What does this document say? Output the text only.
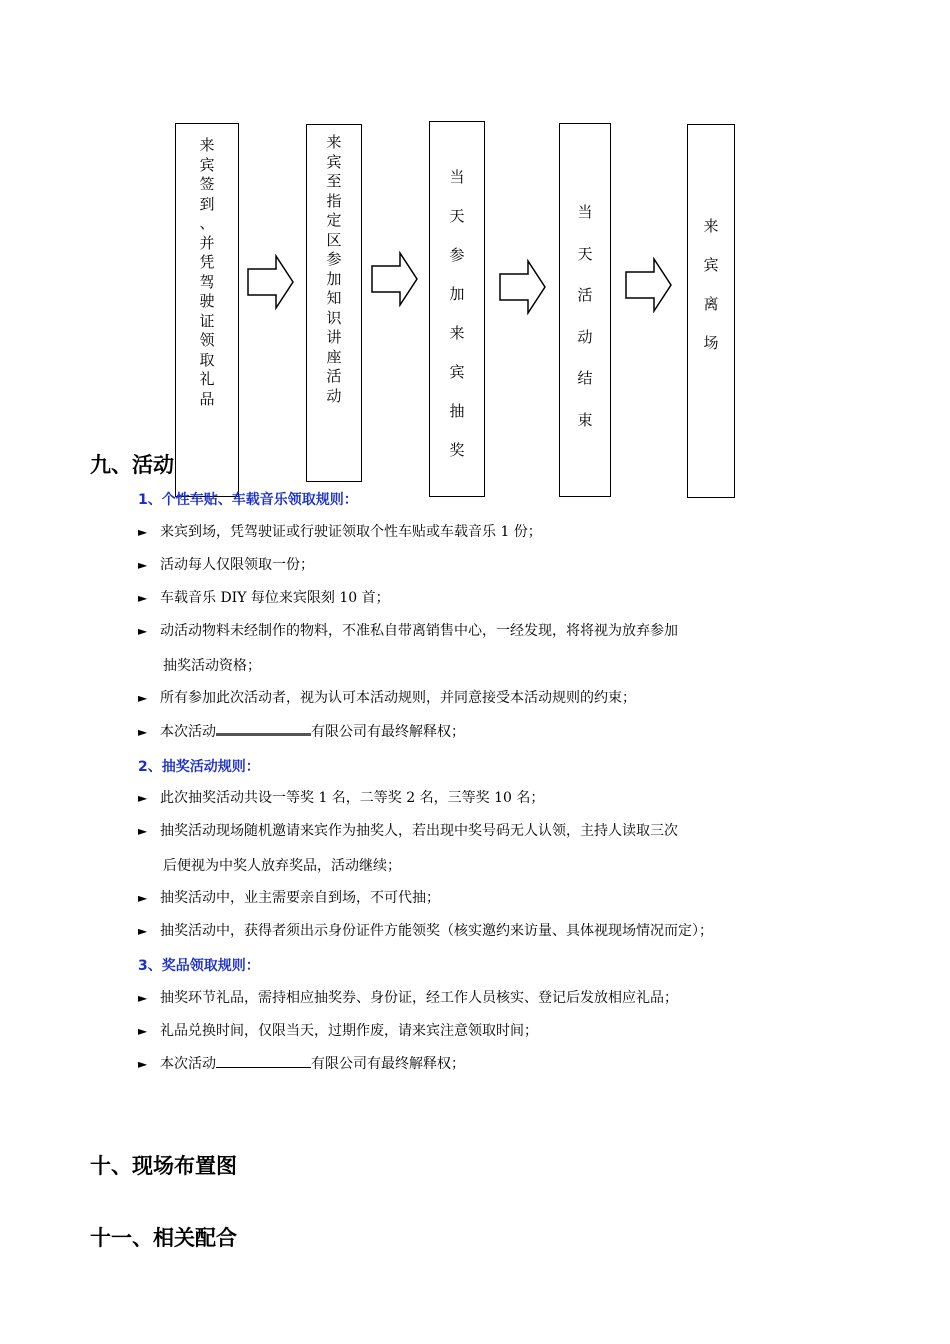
九、活动
来
宾
签
到
、
并
凭
驾
驶
证
领
取
礼
品
来
宾
至
指
定
区
参
加
知
识
讲
座
活
动
当
天
参
加
来
宾
抽
奖
当
天
活
动
结
束
来
宾
离
场
1、个性车贴、车载音乐领取规则：
► 来宾到场，凭驾驶证或行驶证领取个性车贴或车载音乐 1 份；
► 活动每人仅限领取一份；
► 车载音乐 DIY 每位来宾限刻 10 首；
► 动活动物料未经制作的物料，不准私自带离销售中心，一经发现，将将视为放弃参加
抽奖活动资格；
► 所有参加此次活动者，视为认可本活动规则，并同意接受本活动规则的约束；
► 本次活动	有限公司有最终解释权；
2、抽奖活动规则：
► 此次抽奖活动共设一等奖 1 名，二等奖 2 名，三等奖 10 名；
► 抽奖活动现场随机邀请来宾作为抽奖人，若出现中奖号码无人认领，主持人读取三次
后便视为中奖人放弃奖品，活动继续；
► 抽奖活动中，业主需要亲自到场，不可代抽；
► 抽奖活动中，获得者须出示身份证件方能领奖（核实邀约来访量、具体视现场情况而定）；
3、奖品领取规则：
► 抽奖环节礼品，需持相应抽奖券、身份证，经工作人员核实、登记后发放相应礼品；
► 礼品兑换时间，仅限当天，过期作废，请来宾注意领取时间；
► 本次活动	有限公司有最终解释权；
十、现场布置图
十一、相关配合
